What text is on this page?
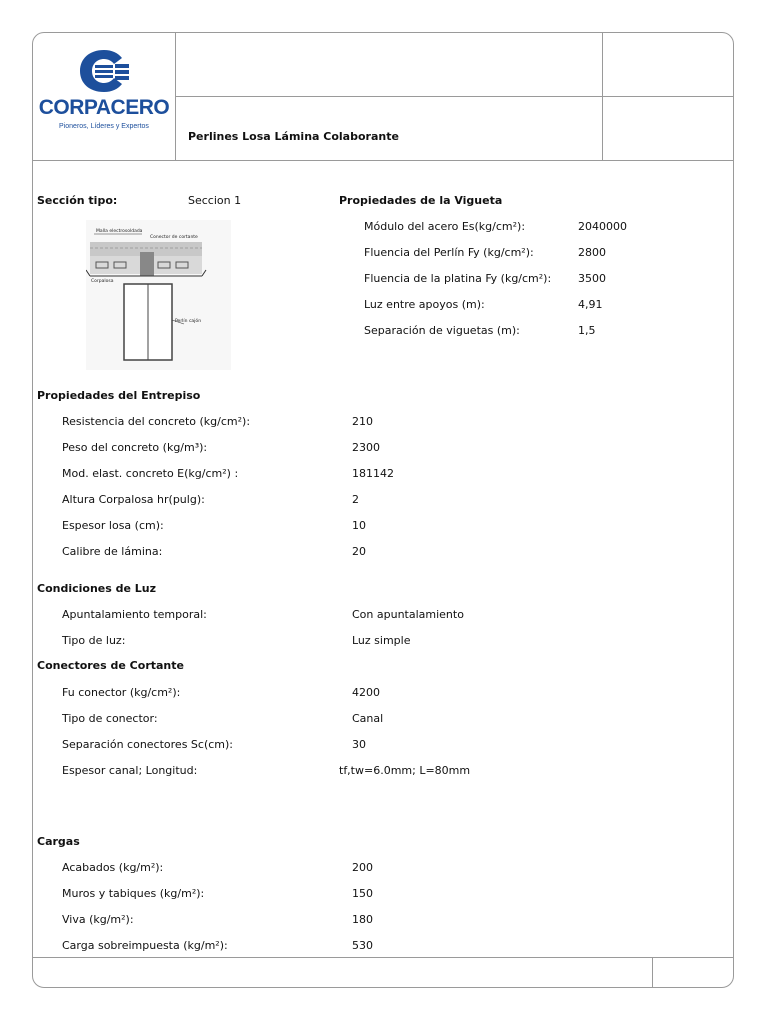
CORPACERO
Pioneros, Líderes y Expertos
Perlines Losa Lámina Colaborante
Sección tipo:	Seccion 1
Malla electrosoldada
Conector de cortante
Corpalosa
Perlín cajón
Propiedades de la Vigueta
Módulo del acero Es(kg/cm²):	2040000
Fluencia del Perlín Fy (kg/cm²):	2800
Fluencia de la platina Fy (kg/cm²): 3500
Luz entre apoyos (m):	4,91
Separación de viguetas (m):	1,5
Propiedades del Entrepiso
Resistencia del concreto (kg/cm²):	210
Peso del concreto (kg/m³):	2300
Mod. elast. concreto E(kg/cm²) :	181142
Altura Corpalosa hr(pulg):	2
Espesor losa (cm):	10
Calibre de lámina:	20
Condiciones de Luz
Apuntalamiento temporal:	Con apuntalamiento
Tipo de luz:	Luz simple
Conectores de Cortante
Fu conector (kg/cm²):	4200
Tipo de conector:	Canal
Separación conectores Sc(cm):	30
Espesor canal; Longitud:	tf,tw=6.0mm; L=80mm
Cargas
Acabados (kg/m²):	200
Muros y tabiques (kg/m²):	150
Viva (kg/m²):	180
Carga sobreimpuesta (kg/m²):	530
